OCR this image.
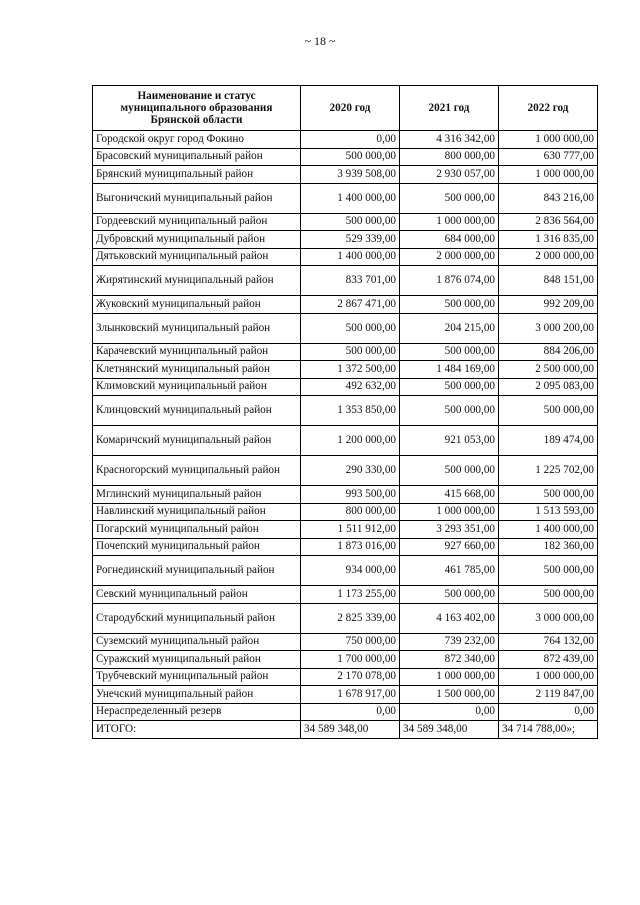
~ 18 ~
Наименование и статус муниципального образования Брянской области	2020 год	2021 год	2022 год
Городской округ город Фокино	0,00	4 316 342,00	1 000 000,00
Брасовский муниципальный район	500 000,00	800 000,00	630 777,00
Брянский муниципальный район	3 939 508,00	2 930 057,00	1 000 000,00
Выгоничский муниципальный район	1 400 000,00	500 000,00	843 216,00
Гордеевский муниципальный район	500 000,00	1 000 000,00	2 836 564,00
Дубровский муниципальный район	529 339,00	684 000,00	1 316 835,00
Дятьковский муниципальный район	1 400 000,00	2 000 000,00	2 000 000,00
Жирятинский муниципальный район	833 701,00	1 876 074,00	848 151,00
Жуковский муниципальный район	2 867 471,00	500 000,00	992 209,00
Злынковский муниципальный район	500 000,00	204 215,00	3 000 200,00
Карачевский муниципальный район	500 000,00	500 000,00	884 206,00
Клетнянский муниципальный район	1 372 500,00	1 484 169,00	2 500 000,00
Климовский муниципальный район	492 632,00	500 000,00	2 095 083,00
Клинцовский муниципальный район	1 353 850,00	500 000,00	500 000,00
Комаричский муниципальный район	1 200 000,00	921 053,00	189 474,00
Красногорский муниципальный район	290 330,00	500 000,00	1 225 702,00
Мглинский муниципальный район	993 500,00	415 668,00	500 000,00
Навлинский муниципальный район	800 000,00	1 000 000,00	1 513 593,00
Погарский муниципальный район	1 511 912,00	3 293 351,00	1 400 000,00
Почепский муниципальный район	1 873 016,00	927 660,00	182 360,00
Рогнединский муниципальный район	934 000,00	461 785,00	500 000,00
Севский муниципальный район	1 173 255,00	500 000,00	500 000,00
Стародубский муниципальный район	2 825 339,00	4 163 402,00	3 000 000,00
Суземский муниципальный район	750 000,00	739 232,00	764 132,00
Суражский муниципальный район	1 700 000,00	872 340,00	872 439,00
Трубчевский муниципальный район	2 170 078,00	1 000 000,00	1 000 000,00
Унечский муниципальный район	1 678 917,00	1 500 000,00	2 119 847,00
Нераспределенный резерв	0,00	0,00	0,00
ИТОГО:	34 589 348,00	34 589 348,00	34 714 788,00»;
